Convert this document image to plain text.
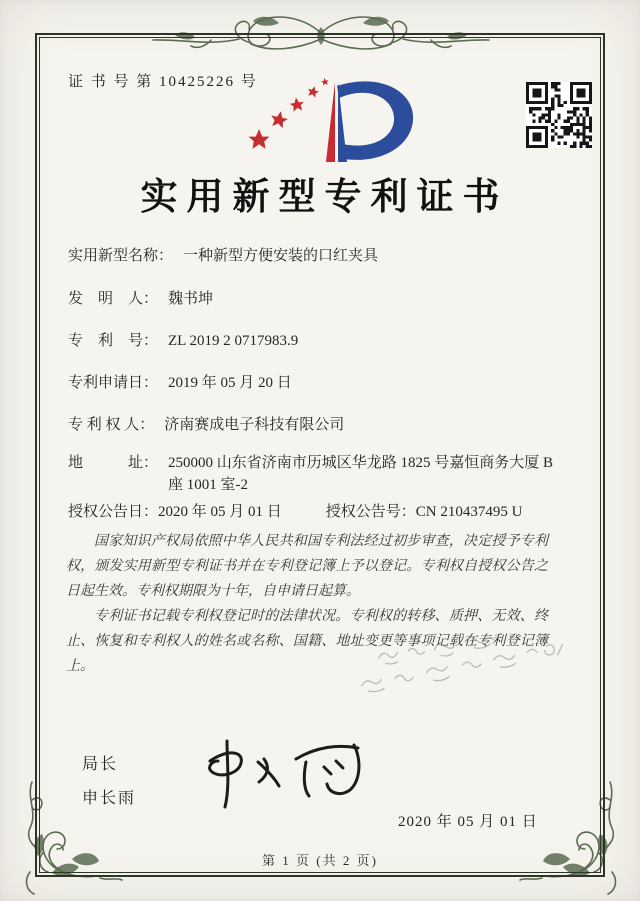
证 书 号 第 10425226 号
实用新型专利证书
实用新型名称： 一种新型方便安装的口红夹具
发　明　人： 魏书坤
专　利　号： ZL 2019 2 0717983.9
专利申请日： 2019 年 05 月 20 日
专 利 权 人： 济南赛成电子科技有限公司
地　　　址： 250000 山东省济南市历城区华龙路 1825 号嘉恒商务大厦 B 座 1001 室-2
授权公告日：2020 年 05 月 01 日	授权公告号：CN 210437495 U

国家知识产权局依照中华人民共和国专利法经过初步审查，决定授予专利权，颁发实用新型专利证书并在专利登记簿上予以登记。专利权自授权公告之日起生效。专利权期限为十年，自申请日起算。

专利证书记载专利权登记时的法律状况。专利权的转移、质押、无效、终止、恢复和专利权人的姓名或名称、国籍、地址变更等事项记载在专利登记簿上。

局长
申长雨
2020 年 05 月 01 日
第 1 页 (共 2 页)
